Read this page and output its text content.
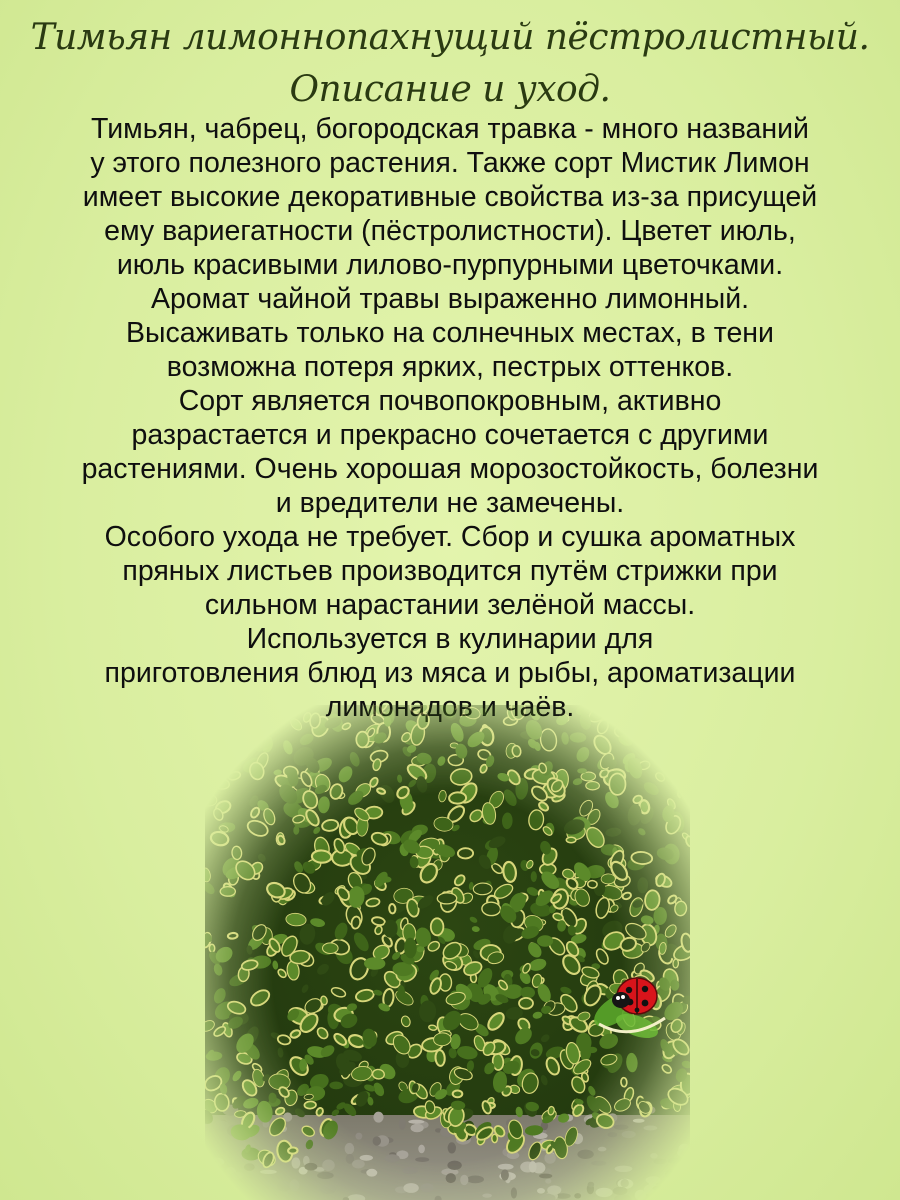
Тимьян лимоннопахнущий пёстролистный.
Описание и уход.
Тимьян, чабрец, богородская травка - много названий
у этого полезного растения. Также сорт Мистик Лимон
имеет высокие декоративные свойства из-за присущей
ему вариегатности (пёстролистности). Цветет июль,
июль красивыми лилово-пурпурными цветочками.
Аромат чайной травы выраженно лимонный.
Высаживать только на солнечных местах, в тени
возможна потеря ярких, пестрых оттенков.
Сорт является почвопокровным, активно
разрастается и прекрасно сочетается с другими
растениями. Очень хорошая морозостойкость, болезни
и вредители не замечены.
Особого ухода не требует. Сбор и сушка ароматных
пряных листьев производится путём стрижки при
сильном нарастании зелёной массы.
Используется в кулинарии для
приготовления блюд из мяса и рыбы, ароматизации
